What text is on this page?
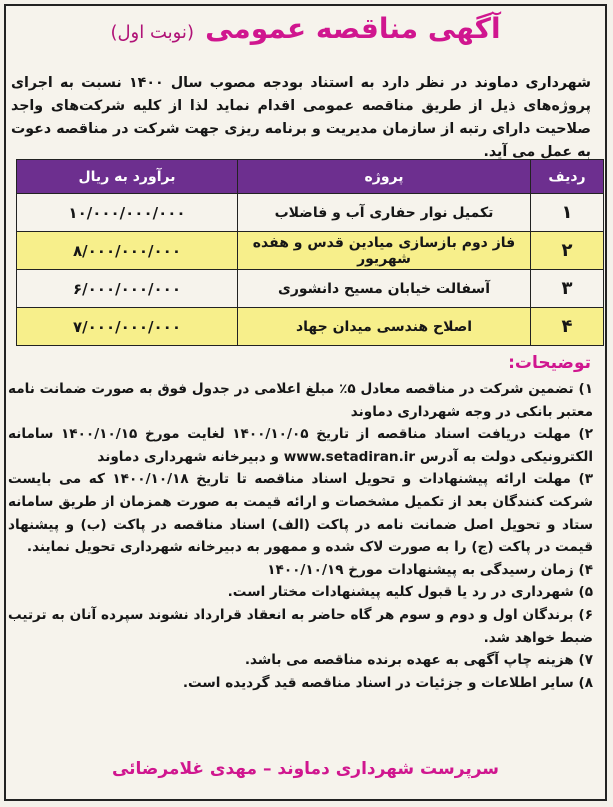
آگهی مناقصه عمومی (نوبت اول)
شهرداری دماوند در نظر دارد به استناد بودجه مصوب سال ۱۴۰۰ نسبت به اجرای پروژه‌های ذیل از طریق مناقصه عمومی اقدام نماید لذا از کلیه شرکت‌های واجد صلاحیت دارای رتبه از سازمان مدیریت و برنامه ریزی جهت شرکت در مناقصه دعوت به عمل می آید.
ردیف	پروژه	برآورد به ریال
۱	تکمیل نوار حفاری آب و فاضلاب	۱۰/۰۰۰/۰۰۰/۰۰۰
۲	فاز دوم بازسازی میادین قدس و هفده شهریور	۸/۰۰۰/۰۰۰/۰۰۰
۳	آسفالت خیابان مسیح دانشوری	۶/۰۰۰/۰۰۰/۰۰۰
۴	اصلاح هندسی میدان جهاد	۷/۰۰۰/۰۰۰/۰۰۰
توضیحات:
۱) تضمین شرکت در مناقصه معادل ۵٪ مبلغ اعلامی در جدول فوق به صورت ضمانت نامه معتبر بانکی در وجه شهرداری دماوند
۲) مهلت دریافت اسناد مناقصه از تاریخ ۱۴۰۰/۱۰/۰۵ لغایت مورخ ۱۴۰۰/۱۰/۱۵ سامانه الکترونیکی دولت به آدرس www.setadiran.ir و دبیرخانه شهرداری دماوند
۳) مهلت ارائه پیشنهادات و تحویل اسناد مناقصه تا تاریخ ۱۴۰۰/۱۰/۱۸ که می بایست شرکت کنندگان بعد از تکمیل مشخصات و ارائه قیمت به صورت همزمان از طریق سامانه ستاد و تحویل اصل ضمانت نامه در پاکت (الف) اسناد مناقصه در پاکت (ب) و پیشنهاد قیمت در پاکت (ج) را به صورت لاک شده و ممهور به دبیرخانه شهرداری تحویل نمایند.
۴) زمان رسیدگی به پیشنهادات مورخ ۱۴۰۰/۱۰/۱۹
۵) شهرداری در رد یا قبول کلیه پیشنهادات مختار است.
۶) برندگان اول و دوم و سوم هر گاه حاضر به انعقاد قرارداد نشوند سپرده آنان به ترتیب ضبط خواهد شد.
۷) هزینه چاپ آگهی به عهده برنده مناقصه می باشد.
۸) سایر اطلاعات و جزئیات در اسناد مناقصه قید گردیده است.
سرپرست شهرداری دماوند – مهدی غلامرضائی
